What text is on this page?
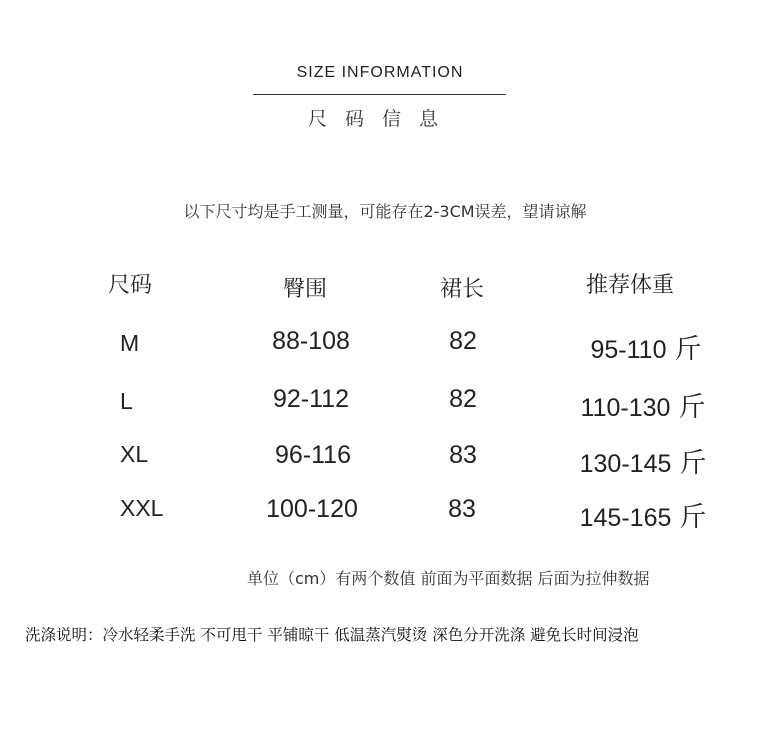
SIZE INFORMATION
尺码信息
以下尺寸均是手工测量，可能存在2-3CM误差，望请谅解
尺码	臀围	裙长	推荐体重
M	88-108	82	95-110 斤
L	92-112	82	110-130 斤
XL	96-116	83	130-145 斤
XXL	100-120	83	145-165 斤
单位（cm）有两个数值 前面为平面数据 后面为拉伸数据
洗涤说明：冷水轻柔手洗 不可甩干 平铺晾干 低温蒸汽熨烫 深色分开洗涤 避免长时间浸泡
